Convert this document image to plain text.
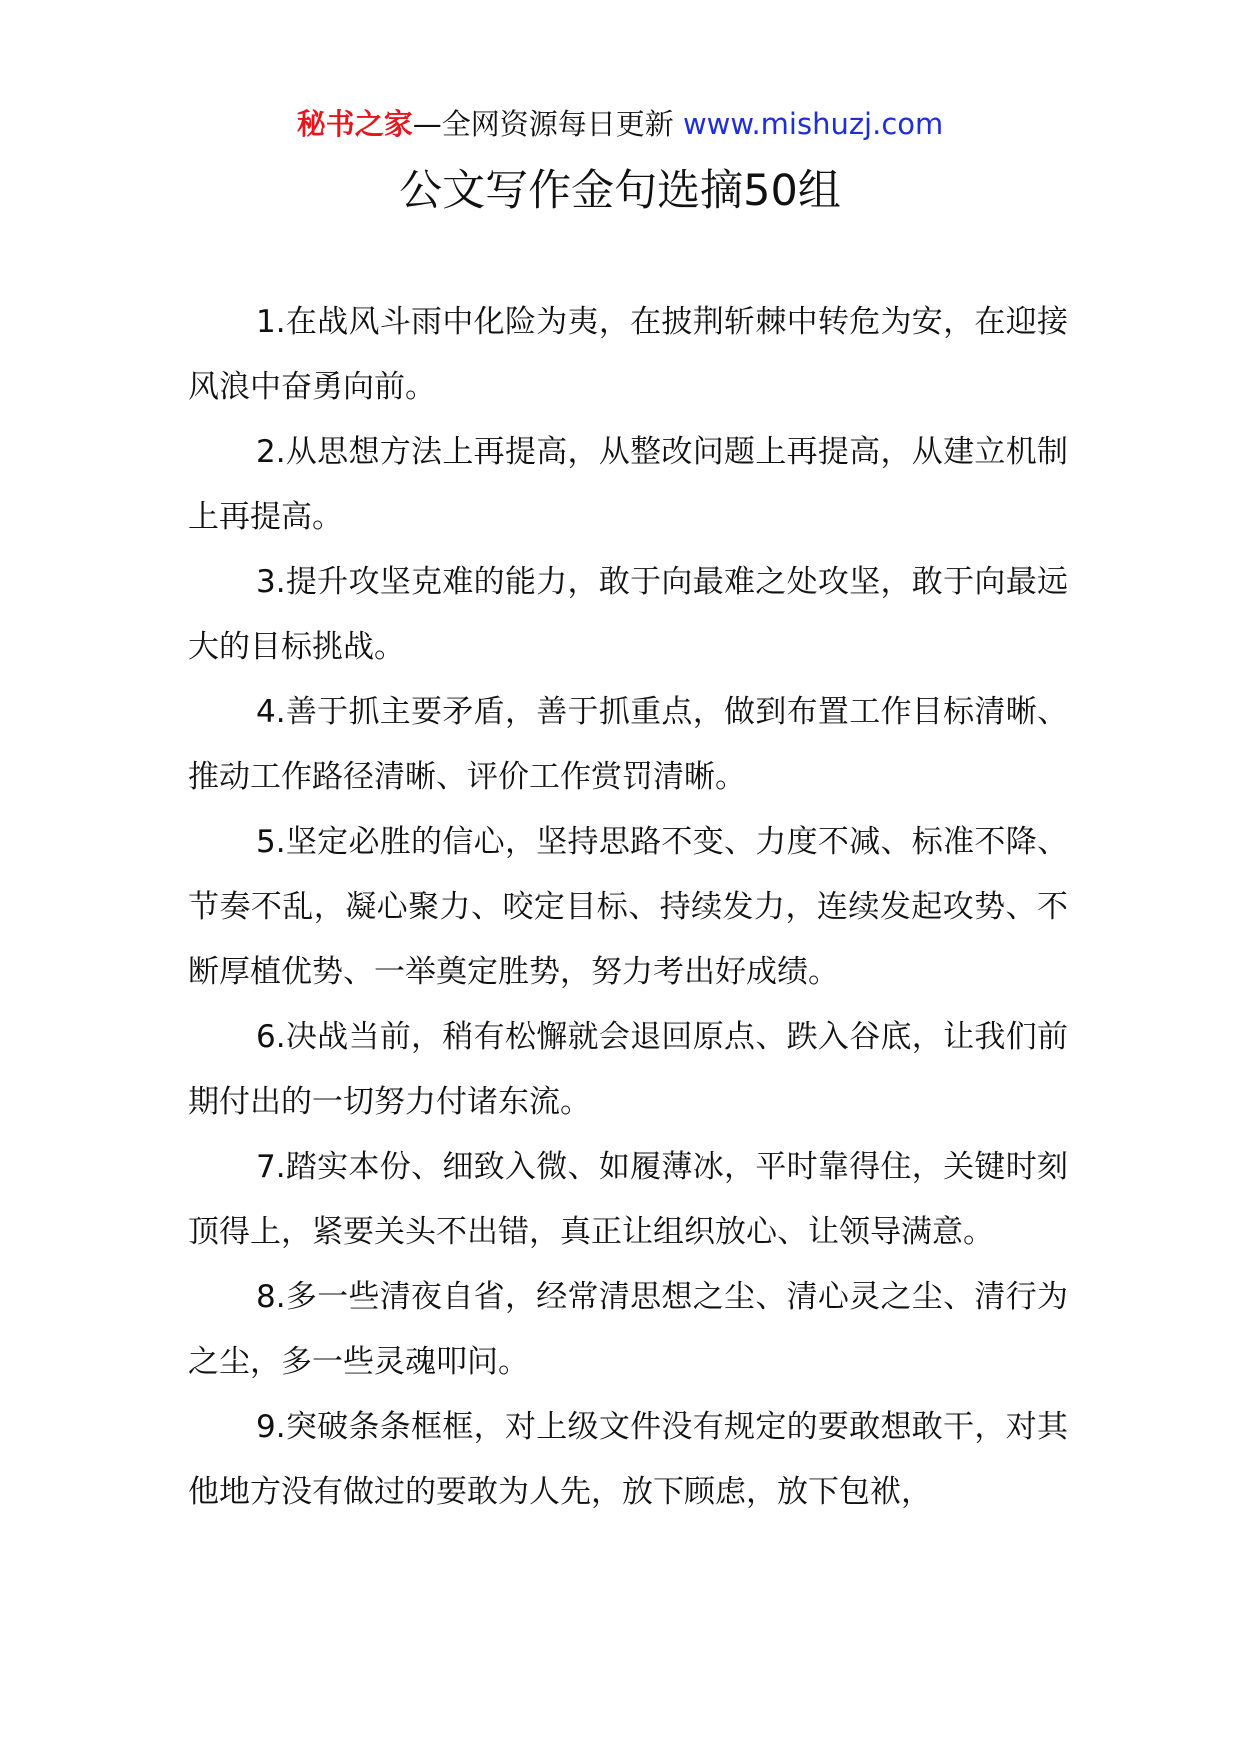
秘书之家—全网资源每日更新 www.mishuzj.com
公文写作金句选摘50组

1.在战风斗雨中化险为夷，在披荆斩棘中转危为安，在迎接风浪中奋勇向前。

2.从思想方法上再提高，从整改问题上再提高，从建立机制上再提高。

3.提升攻坚克难的能力，敢于向最难之处攻坚，敢于向最远大的目标挑战。

4.善于抓主要矛盾，善于抓重点，做到布置工作目标清晰、推动工作路径清晰、评价工作赏罚清晰。

5.坚定必胜的信心，坚持思路不变、力度不减、标准不降、节奏不乱，凝心聚力、咬定目标、持续发力，连续发起攻势、不断厚植优势、一举奠定胜势，努力考出好成绩。

6.决战当前，稍有松懈就会退回原点、跌入谷底，让我们前期付出的一切努力付诸东流。

7.踏实本份、细致入微、如履薄冰，平时靠得住，关键时刻顶得上，紧要关头不出错，真正让组织放心、让领导满意。

8.多一些清夜自省，经常清思想之尘、清心灵之尘、清行为之尘，多一些灵魂叩问。

9.突破条条框框，对上级文件没有规定的要敢想敢干，对其他地方没有做过的要敢为人先，放下顾虑，放下包袱，
